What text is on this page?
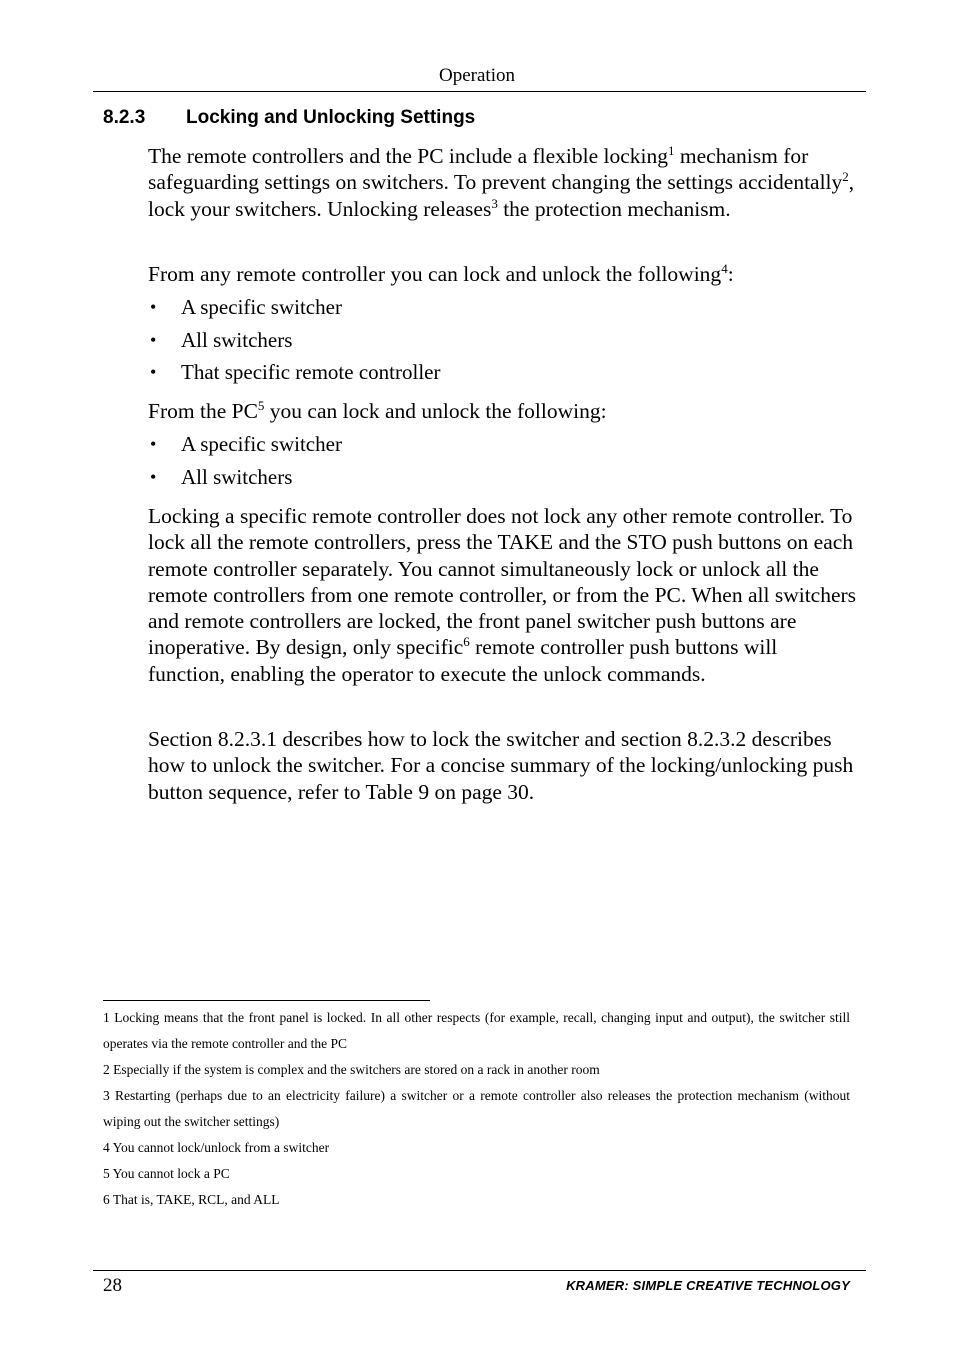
Operation
8.2.3 Locking and Unlocking Settings

The remote controllers and the PC include a flexible locking$^1$ mechanism for safeguarding settings on switchers. To prevent changing the settings accidentally$^2$, lock your switchers. Unlocking releases$^3$ the protection mechanism.

From any remote controller you can lock and unlock the following$^4$:

• A specific switcher
• All switchers
• That specific remote controller

From the $PC^5$ you can lock and unlock the following:

• A specific switcher
• All switchers

Locking a specific remote controller does not lock any other remote controller. To lock all the remote controllers, press the TAKE and the STO push buttons on each remote controller separately. You cannot simultaneously lock or unlock all the remote controllers from one remote controller, or from the PC. When all switchers and remote controllers are locked, the front panel switcher push buttons are inoperative. By design, only specific$^6$ remote controller push buttons will function, enabling the operator to execute the unlock commands.

Section 8.2.3.1 describes how to lock the switcher and section 8.2.3.2 describes how to unlock the switcher. For a concise summary of the locking/unlocking push button sequence, refer to Table 9 on page 30.

1 Locking means that the front panel is locked. In all other respects (for example, recall, changing input and output), the switcher still operates via the remote controller and the PC

2 Especially if the system is complex and the switchers are stored on a rack in another room

3 Restarting (perhaps due to an electricity failure) a switcher or a remote controller also releases the protection mechanism (without wiping out the switcher settings)

4 You cannot lock/unlock from a switcher

5 You cannot lock a PC

6 That is, TAKE, RCL, and ALL

28	KRAMER: SIMPLE CREATIVE TECHNOLOGY
